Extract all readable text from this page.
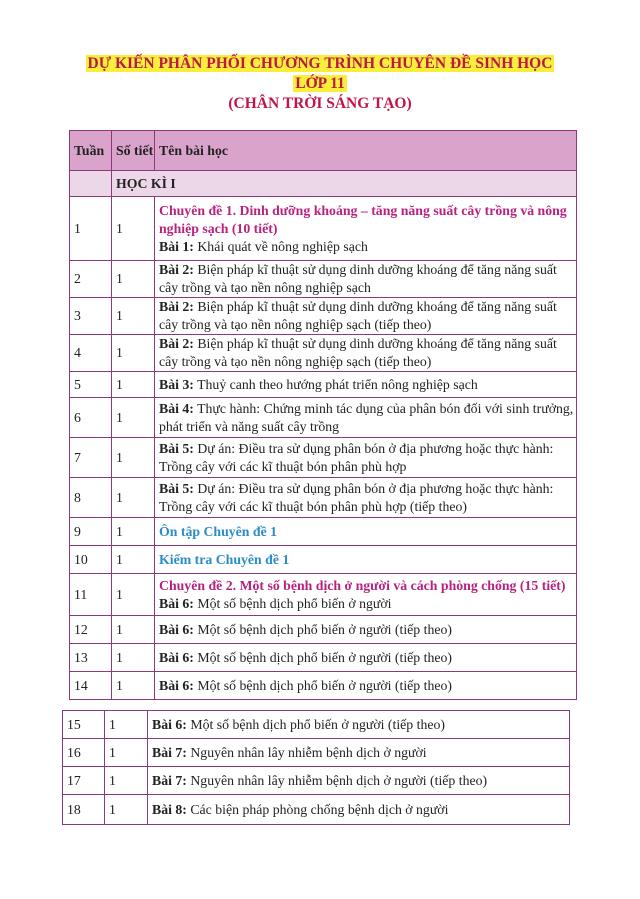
DỰ KIẾN PHÂN PHỐI CHƯƠNG TRÌNH CHUYÊN ĐỀ SINH HỌC
LỚP 11
(CHÂN TRỜI SÁNG TẠO)
Tuần	Số tiết	Tên bài học
	HỌC KÌ I	
1	1	Chuyên đề 1. Dinh dưỡng khoáng – tăng năng suất cây trồng và nông nghiệp sạch (10 tiết)
Bài 1: Khái quát về nông nghiệp sạch
2	1	Bài 2: Biện pháp kĩ thuật sử dụng dinh dưỡng khoáng để tăng năng suất cây trồng và tạo nền nông nghiệp sạch
3	1	Bài 2: Biện pháp kĩ thuật sử dụng dinh dưỡng khoáng để tăng năng suất cây trồng và tạo nền nông nghiệp sạch (tiếp theo)
4	1	Bài 2: Biện pháp kĩ thuật sử dụng dinh dưỡng khoáng để tăng năng suất cây trồng và tạo nền nông nghiệp sạch (tiếp theo)
5	1	Bài 3: Thuỷ canh theo hướng phát triển nông nghiệp sạch
6	1	Bài 4: Thực hành: Chứng minh tác dụng của phân bón đối với sinh trưởng, phát triển và năng suất cây trồng
7	1	Bài 5: Dự án: Điều tra sử dụng phân bón ở địa phương hoặc thực hành: Trồng cây với các kĩ thuật bón phân phù hợp
8	1	Bài 5: Dự án: Điều tra sử dụng phân bón ở địa phương hoặc thực hành: Trồng cây với các kĩ thuật bón phân phù hợp (tiếp theo)
9	1	Ôn tập Chuyên đề 1
10	1	Kiểm tra Chuyên đề 1
11	1	Chuyên đề 2. Một số bệnh dịch ở người và cách phòng chống (15 tiết) Bài 6: Một số bệnh dịch phổ biến ở người
12	1	Bài 6: Một số bệnh dịch phổ biến ở người (tiếp theo)
13	1	Bài 6: Một số bệnh dịch phổ biến ở người (tiếp theo)
14	1	Bài 6: Một số bệnh dịch phổ biến ở người (tiếp theo)
15	1	Bài 6: Một số bệnh dịch phổ biến ở người (tiếp theo)
16	1	Bài 7: Nguyên nhân lây nhiễm bệnh dịch ở người
17	1	Bài 7: Nguyên nhân lây nhiễm bệnh dịch ở người (tiếp theo)
18	1	Bài 8: Các biện pháp phòng chống bệnh dịch ở người
